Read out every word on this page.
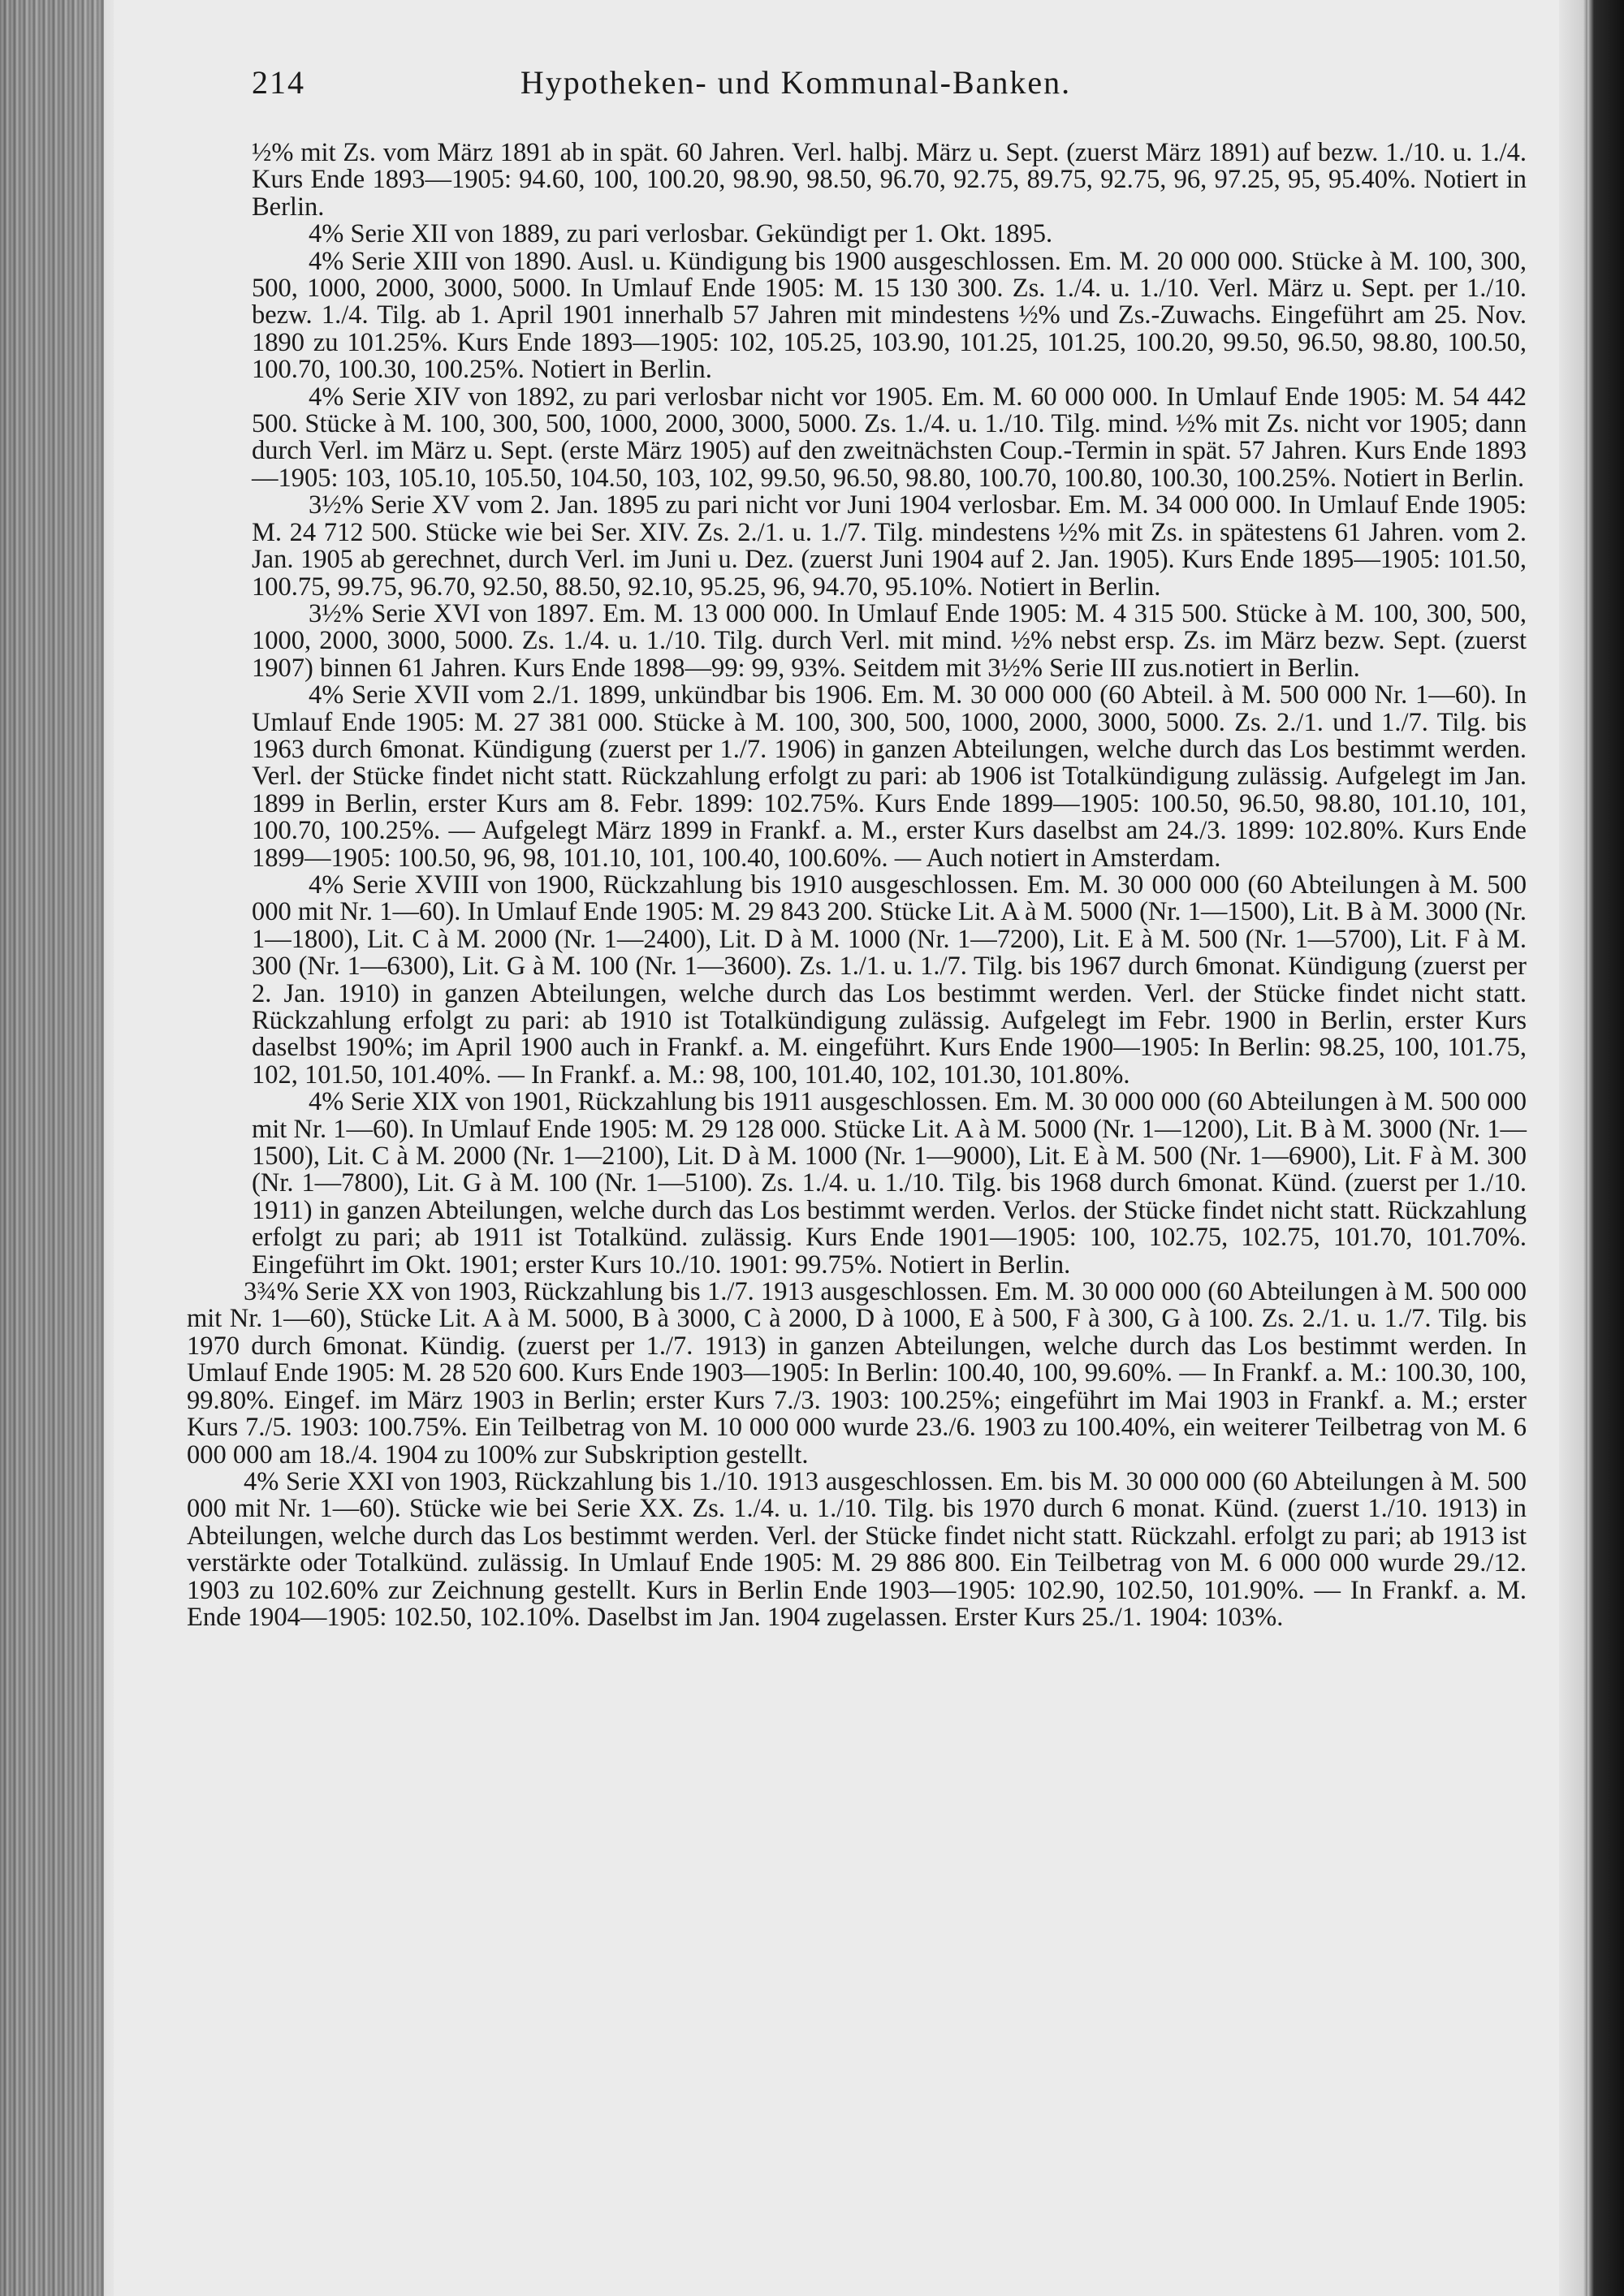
214	Hypotheken- und Kommunal-Banken.

½% mit Zs. vom März 1891 ab in spät. 60 Jahren. Verl. halbj. März u. Sept. (zuerst März 1891) auf bezw. 1./10. u. 1./4. Kurs Ende 1893—1905: 94.60, 100, 100.20, 98.90, 98.50, 96.70, 92.75, 89.75, 92.75, 96, 97.25, 95, 95.40%. Notiert in Berlin.

4% Serie XII von 1889, zu pari verlosbar. Gekündigt per 1. Okt. 1895.

4% Serie XIII von 1890. Ausl. u. Kündigung bis 1900 ausgeschlossen. Em. M. 20 000 000. Stücke à M. 100, 300, 500, 1000, 2000, 3000, 5000. In Umlauf Ende 1905: M. 15 130 300. Zs. 1./4. u. 1./10. Verl. März u. Sept. per 1./10. bezw. 1./4. Tilg. ab 1. April 1901 innerhalb 57 Jahren mit mindestens ½% und Zs.-Zuwachs. Eingeführt am 25. Nov. 1890 zu 101.25%. Kurs Ende 1893—1905: 102, 105.25, 103.90, 101.25, 101.25, 100.20, 99.50, 96.50, 98.80, 100.50, 100.70, 100.30, 100.25%. Notiert in Berlin.

4% Serie XIV von 1892, zu pari verlosbar nicht vor 1905. Em. M. 60 000 000. In Umlauf Ende 1905: M. 54 442 500. Stücke à M. 100, 300, 500, 1000, 2000, 3000, 5000. Zs. 1./4. u. 1./10. Tilg. mind. ½% mit Zs. nicht vor 1905; dann durch Verl. im März u. Sept. (erste März 1905) auf den zweitnächsten Coup.-Termin in spät. 57 Jahren. Kurs Ende 1893—1905: 103, 105.10, 105.50, 104.50, 103, 102, 99.50, 96.50, 98.80, 100.70, 100.80, 100.30, 100.25%. Notiert in Berlin.

3½% Serie XV vom 2. Jan. 1895 zu pari nicht vor Juni 1904 verlosbar. Em. M. 34 000 000. In Umlauf Ende 1905: M. 24 712 500. Stücke wie bei Ser. XIV. Zs. 2./1. u. 1./7. Tilg. mindestens ½% mit Zs. in spätestens 61 Jahren. vom 2. Jan. 1905 ab gerechnet, durch Verl. im Juni u. Dez. (zuerst Juni 1904 auf 2. Jan. 1905). Kurs Ende 1895—1905: 101.50, 100.75, 99.75, 96.70, 92.50, 88.50, 92.10, 95.25, 96, 94.70, 95.10%. Notiert in Berlin.

3½% Serie XVI von 1897. Em. M. 13 000 000. In Umlauf Ende 1905: M. 4 315 500. Stücke à M. 100, 300, 500, 1000, 2000, 3000, 5000. Zs. 1./4. u. 1./10. Tilg. durch Verl. mit mind. ½% nebst ersp. Zs. im März bezw. Sept. (zuerst 1907) binnen 61 Jahren. Kurs Ende 1898—99: 99, 93%. Seitdem mit 3½% Serie III zus.notiert in Berlin.

4% Serie XVII vom 2./1. 1899, unkündbar bis 1906. Em. M. 30 000 000 (60 Abteil. à M. 500 000 Nr. 1—60). In Umlauf Ende 1905: M. 27 381 000. Stücke à M. 100, 300, 500, 1000, 2000, 3000, 5000. Zs. 2./1. und 1./7. Tilg. bis 1963 durch 6monat. Kündigung (zuerst per 1./7. 1906) in ganzen Abteilungen, welche durch das Los bestimmt werden. Verl. der Stücke findet nicht statt. Rückzahlung erfolgt zu pari: ab 1906 ist Totalkündigung zulässig. Aufgelegt im Jan. 1899 in Berlin, erster Kurs am 8. Febr. 1899: 102.75%. Kurs Ende 1899—1905: 100.50, 96.50, 98.80, 101.10, 101, 100.70, 100.25%. — Aufgelegt März 1899 in Frankf. a. M., erster Kurs daselbst am 24./3. 1899: 102.80%. Kurs Ende 1899—1905: 100.50, 96, 98, 101.10, 101, 100.40, 100.60%. — Auch notiert in Amsterdam.

4% Serie XVIII von 1900, Rückzahlung bis 1910 ausgeschlossen. Em. M. 30 000 000 (60 Abteilungen à M. 500 000 mit Nr. 1—60). In Umlauf Ende 1905: M. 29 843 200. Stücke Lit. A à M. 5000 (Nr. 1—1500), Lit. B à M. 3000 (Nr. 1—1800), Lit. C à M. 2000 (Nr. 1—2400), Lit. D à M. 1000 (Nr. 1—7200), Lit. E à M. 500 (Nr. 1—5700), Lit. F à M. 300 (Nr. 1—6300), Lit. G à M. 100 (Nr. 1—3600). Zs. 1./1. u. 1./7. Tilg. bis 1967 durch 6monat. Kündigung (zuerst per 2. Jan. 1910) in ganzen Abteilungen, welche durch das Los bestimmt werden. Verl. der Stücke findet nicht statt. Rückzahlung erfolgt zu pari: ab 1910 ist Totalkündigung zulässig. Aufgelegt im Febr. 1900 in Berlin, erster Kurs daselbst 190%; im April 1900 auch in Frankf. a. M. eingeführt. Kurs Ende 1900—1905: In Berlin: 98.25, 100, 101.75, 102, 101.50, 101.40%. — In Frankf. a. M.: 98, 100, 101.40, 102, 101.30, 101.80%.

4% Serie XIX von 1901, Rückzahlung bis 1911 ausgeschlossen. Em. M. 30 000 000 (60 Abteilungen à M. 500 000 mit Nr. 1—60). In Umlauf Ende 1905: M. 29 128 000. Stücke Lit. A à M. 5000 (Nr. 1—1200), Lit. B à M. 3000 (Nr. 1—1500), Lit. C à M. 2000 (Nr. 1—2100), Lit. D à M. 1000 (Nr. 1—9000), Lit. E à M. 500 (Nr. 1—6900), Lit. F à M. 300 (Nr. 1—7800), Lit. G à M. 100 (Nr. 1—5100). Zs. 1./4. u. 1./10. Tilg. bis 1968 durch 6monat. Künd. (zuerst per 1./10. 1911) in ganzen Abteilungen, welche durch das Los bestimmt werden. Verlos. der Stücke findet nicht statt. Rückzahlung erfolgt zu pari; ab 1911 ist Totalkünd. zulässig. Kurs Ende 1901—1905: 100, 102.75, 102.75, 101.70, 101.70%. Eingeführt im Okt. 1901; erster Kurs 10./10. 1901: 99.75%. Notiert in Berlin.

3¾% Serie XX von 1903, Rückzahlung bis 1./7. 1913 ausgeschlossen. Em. M. 30 000 000 (60 Abteilungen à M. 500 000 mit Nr. 1—60), Stücke Lit. A à M. 5000, B à 3000, C à 2000, D à 1000, E à 500, F à 300, G à 100. Zs. 2./1. u. 1./7. Tilg. bis 1970 durch 6monat. Kündig. (zuerst per 1./7. 1913) in ganzen Abteilungen, welche durch das Los bestimmt werden. In Umlauf Ende 1905: M. 28 520 600. Kurs Ende 1903—1905: In Berlin: 100.40, 100, 99.60%. — In Frankf. a. M.: 100.30, 100, 99.80%. Eingef. im März 1903 in Berlin; erster Kurs 7./3. 1903: 100.25%; eingeführt im Mai 1903 in Frankf. a. M.; erster Kurs 7./5. 1903: 100.75%. Ein Teilbetrag von M. 10 000 000 wurde 23./6. 1903 zu 100.40%, ein weiterer Teilbetrag von M. 6 000 000 am 18./4. 1904 zu 100% zur Subskription gestellt.

4% Serie XXI von 1903, Rückzahlung bis 1./10. 1913 ausgeschlossen. Em. bis M. 30 000 000 (60 Abteilungen à M. 500 000 mit Nr. 1—60). Stücke wie bei Serie XX. Zs. 1./4. u. 1./10. Tilg. bis 1970 durch 6 monat. Künd. (zuerst 1./10. 1913) in Abteilungen, welche durch das Los bestimmt werden. Verl. der Stücke findet nicht statt. Rückzahl. erfolgt zu pari; ab 1913 ist verstärkte oder Totalkünd. zulässig. In Umlauf Ende 1905: M. 29 886 800. Ein Teilbetrag von M. 6 000 000 wurde 29./12. 1903 zu 102.60% zur Zeichnung gestellt. Kurs in Berlin Ende 1903—1905: 102.90, 102.50, 101.90%. — In Frankf. a. M. Ende 1904—1905: 102.50, 102.10%. Daselbst im Jan. 1904 zugelassen. Erster Kurs 25./1. 1904: 103%.
